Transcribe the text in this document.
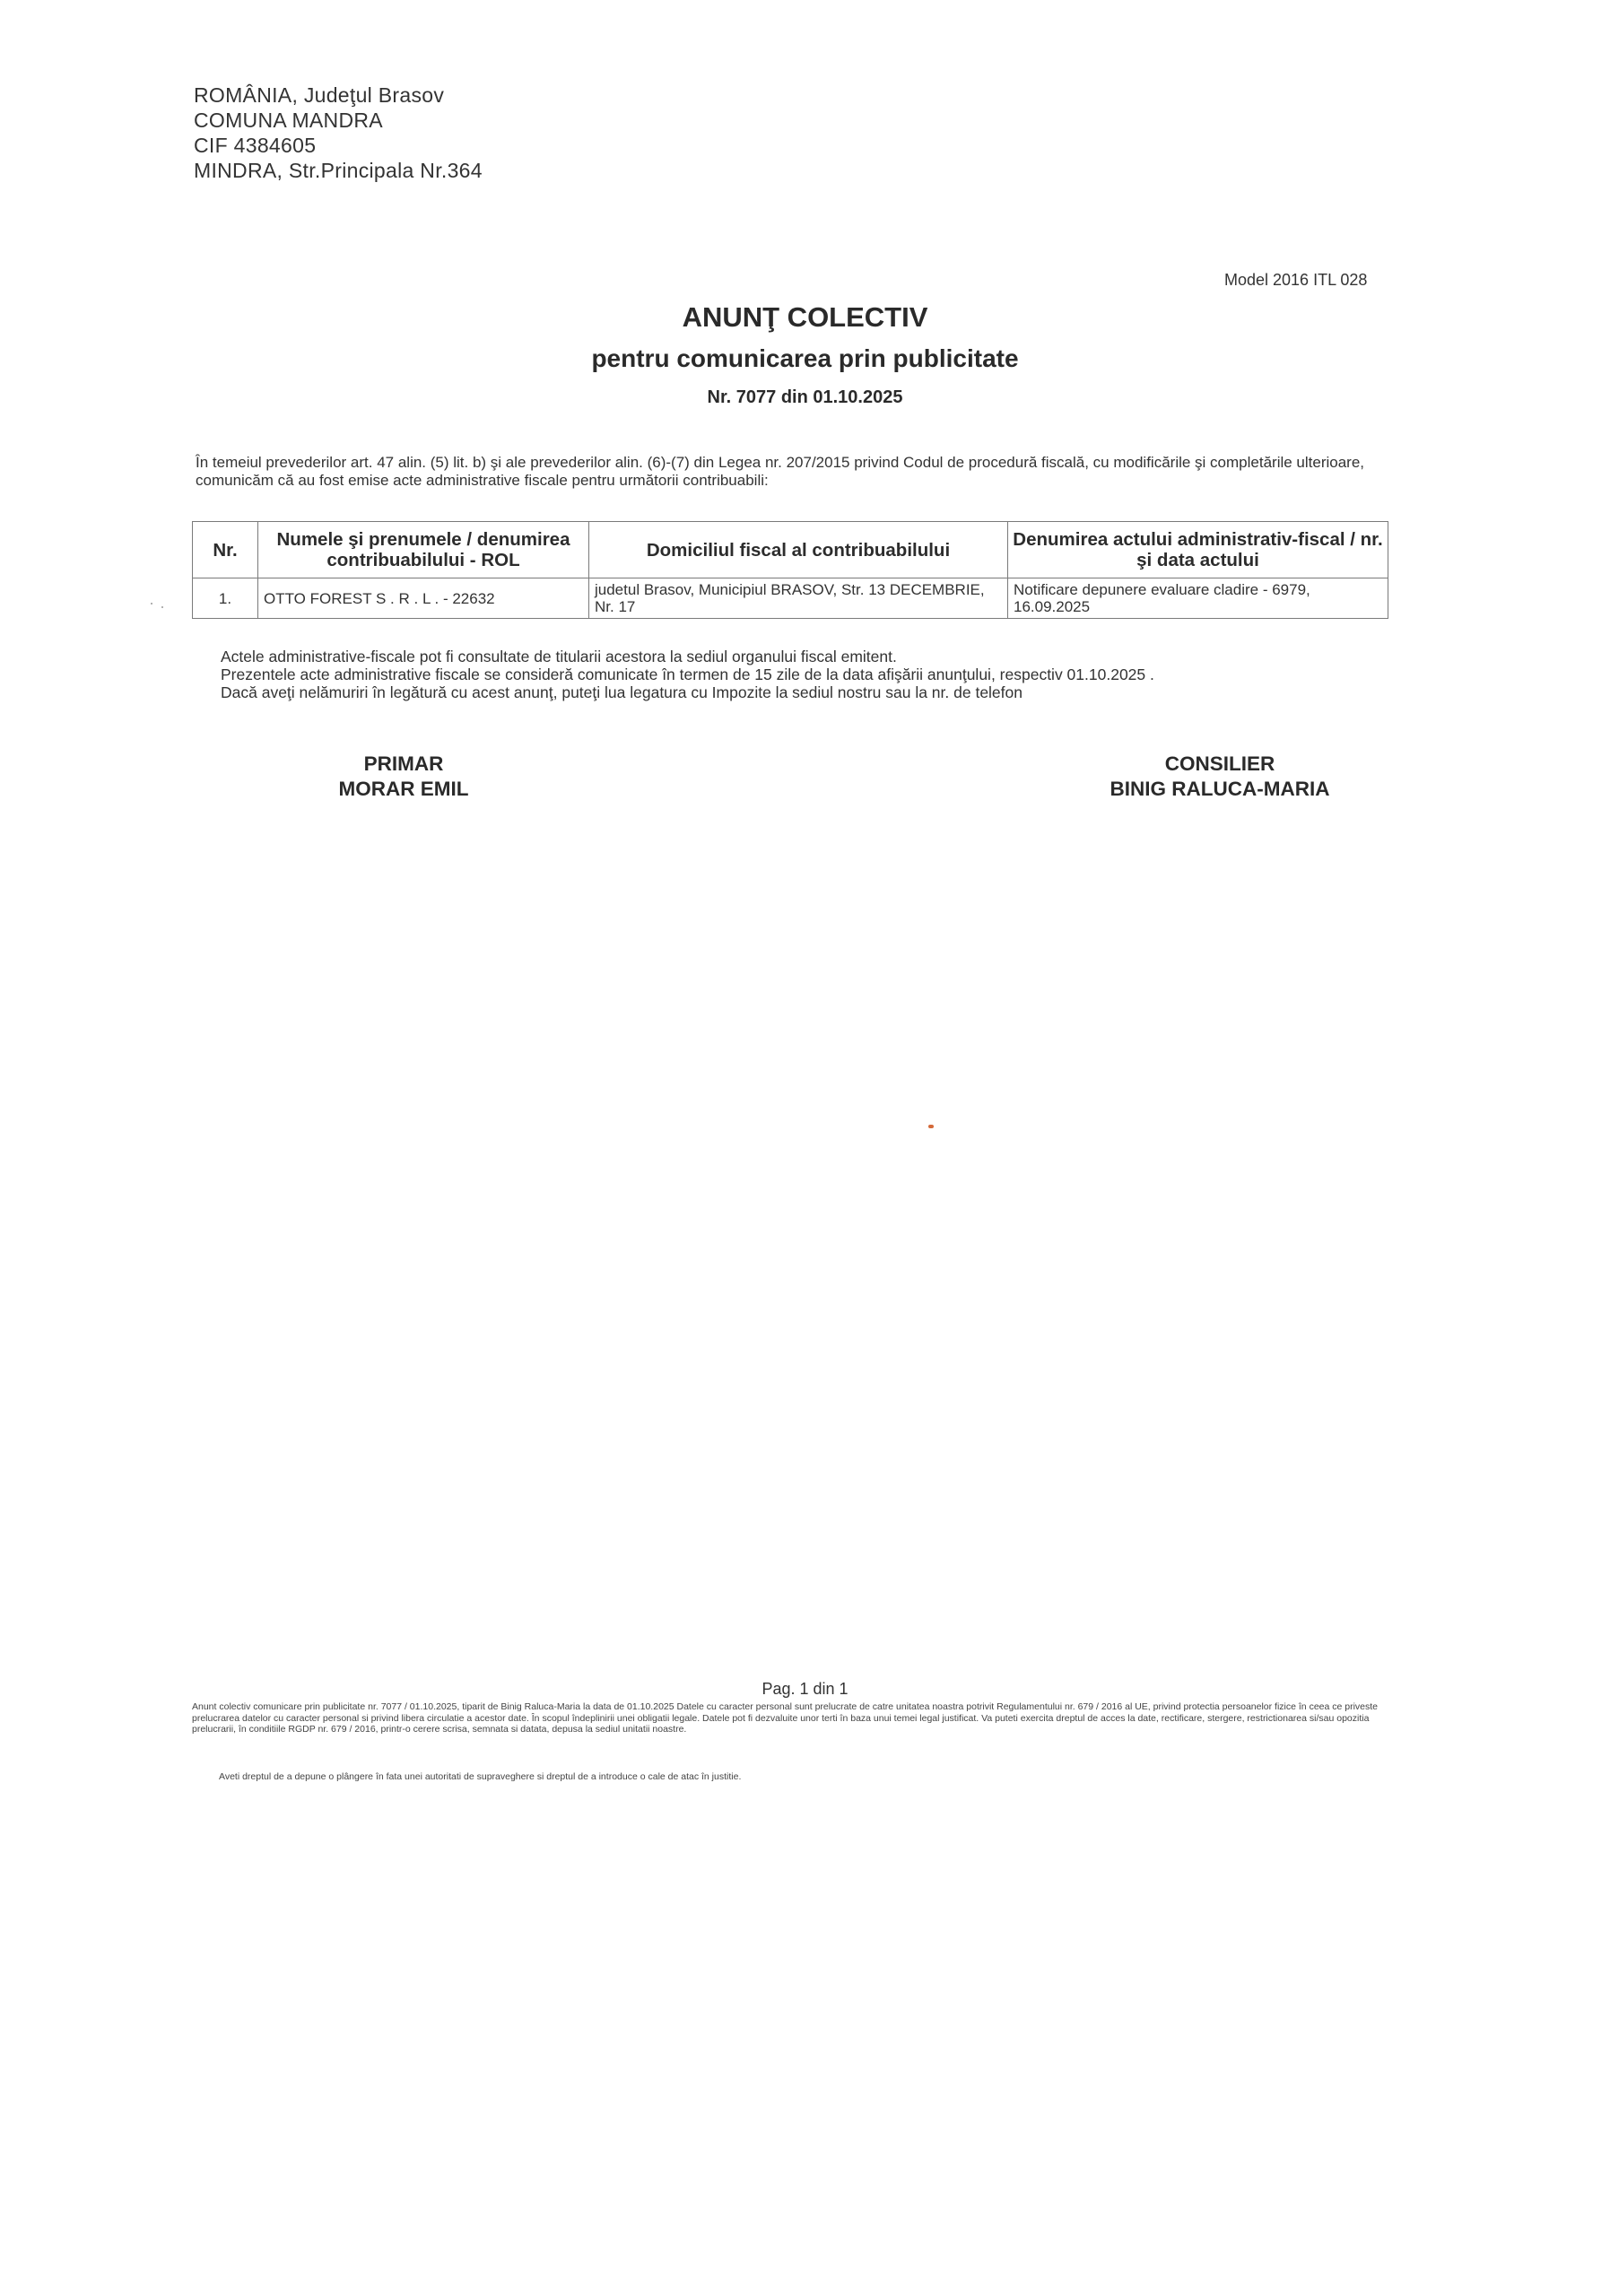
ROMÂNIA, Judeţul Brasov
COMUNA MANDRA
CIF 4384605
MINDRA, Str.Principala Nr.364
Model 2016 ITL 028
ANUNŢ COLECTIV
pentru comunicarea prin publicitate
Nr. 7077 din 01.10.2025
În temeiul prevederilor art. 47 alin. (5) lit. b) şi ale prevederilor alin. (6)-(7) din Legea nr. 207/2015 privind Codul de procedură fiscală, cu modificările şi completările ulterioare, comunicăm că au fost emise acte administrative fiscale pentru următorii contribuabili:
Nr.	Numele şi prenumele / denumirea contribuabilului - ROL	Domiciliul fiscal al contribuabilului	Denumirea actului administrativ-fiscal / nr. şi data actului
1.	OTTO FOREST S . R . L . - 22632	judetul Brasov, Municipiul BRASOV, Str. 13 DECEMBRIE, Nr. 17	Notificare depunere evaluare cladire - 6979, 16.09.2025
Actele administrative-fiscale pot fi consultate de titularii acestora la sediul organului fiscal emitent.
Prezentele acte administrative fiscale se consideră comunicate în termen de 15 zile de la data afişării anunţului, respectiv 01.10.2025 .
Dacă aveţi nelămuriri în legătură cu acest anunţ, puteţi lua legatura cu Impozite la sediul nostru sau la nr. de telefon
PRIMAR
MORAR EMIL
CONSILIER
BINIG RALUCA-MARIA
Pag. 1 din 1
Anunt colectiv comunicare prin publicitate nr. 7077 / 01.10.2025, tiparit de Binig Raluca-Maria la data de 01.10.2025 Datele cu caracter personal sunt prelucrate de catre unitatea noastra potrivit Regulamentului nr. 679 / 2016 al UE, privind protectia persoanelor fizice în ceea ce priveste prelucrarea datelor cu caracter personal si privind libera circulatie a acestor date. În scopul îndeplinirii unei obligatii legale. Datele pot fi dezvaluite unor terti în baza unui temei legal justificat. Va puteti exercita dreptul de acces la date, rectificare, stergere, restrictionarea si/sau opozitia prelucrarii, în conditiile RGDP nr. 679 / 2016, printr-o cerere scrisa, semnata si datata, depusa la sediul unitatii noastre.
Aveti dreptul de a depune o plângere în fata unei autoritati de supraveghere si dreptul de a introduce o cale de atac în justitie.
